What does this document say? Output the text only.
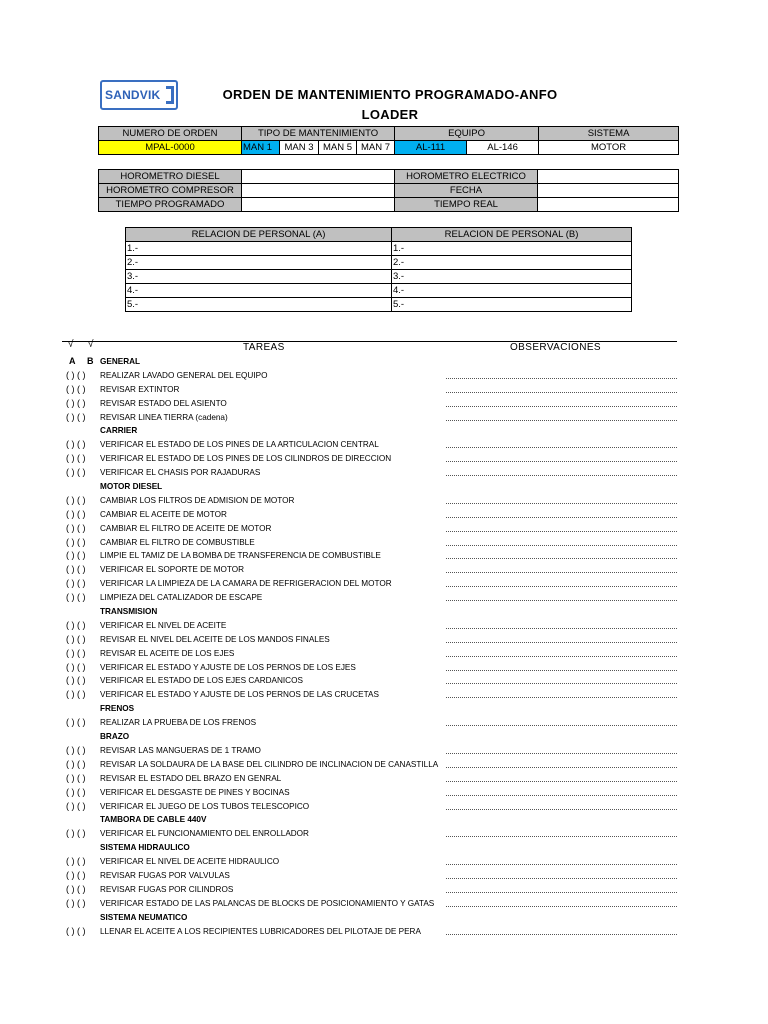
SANDVIK	ORDEN DE MANTENIMIENTO PROGRAMADO-ANFO
LOADER
NUMERO DE ORDEN	TIPO DE MANTENIMIENTO				EQUIPO		SISTEMA
MPAL-0000	MAN 1	MAN 3	MAN 5	MAN 7	AL-111	AL-146	MOTOR
HOROMETRO DIESEL		HOROMETRO ELECTRICO	
HOROMETRO COMPRESOR		FECHA	
TIEMPO PROGRAMADO		TIEMPO REAL	
RELACION DE PERSONAL (A)	RELACION DE PERSONAL (B)
1.-	1.-
2.-	2.-
3.-	3.-
4.-	4.-
5.-	5.-
√ √	TAREAS	OBSERVACIONES
A B GENERAL
( ) ( ) REALIZAR LAVADO GENERAL DEL EQUIPO
( ) ( ) REVISAR EXTINTOR
( ) ( ) REVISAR ESTADO DEL ASIENTO
( ) ( ) REVISAR LINEA TIERRA (cadena)
CARRIER
( ) ( ) VERIFICAR EL ESTADO DE LOS PINES DE LA ARTICULACION CENTRAL
( ) ( ) VERIFICAR EL ESTADO DE LOS PINES DE LOS CILINDROS DE DIRECCION
( ) ( ) VERIFICAR EL CHASIS POR RAJADURAS
MOTOR DIESEL
( ) ( ) CAMBIAR LOS FILTROS DE ADMISION DE MOTOR
( ) ( ) CAMBIAR EL ACEITE DE MOTOR
( ) ( ) CAMBIAR EL FILTRO DE ACEITE DE MOTOR
( ) ( ) CAMBIAR EL FILTRO DE COMBUSTIBLE
( ) ( ) LIMPIE EL TAMIZ DE LA BOMBA DE TRANSFERENCIA DE COMBUSTIBLE
( ) ( ) VERIFICAR EL SOPORTE DE MOTOR
( ) ( ) VERIFICAR LA LIMPIEZA DE LA CAMARA DE REFRIGERACION DEL MOTOR
( ) ( ) LIMPIEZA DEL CATALIZADOR DE ESCAPE
TRANSMISION
( ) ( ) VERIFICAR EL NIVEL DE ACEITE
( ) ( ) REVISAR EL NIVEL DEL ACEITE DE LOS MANDOS FINALES
( ) ( ) REVISAR EL ACEITE DE LOS EJES
( ) ( ) VERIFICAR EL ESTADO Y AJUSTE DE LOS PERNOS DE LOS EJES
( ) ( ) VERIFICAR EL ESTADO DE LOS EJES CARDANICOS
( ) ( ) VERIFICAR EL ESTADO Y AJUSTE DE LOS PERNOS DE LAS CRUCETAS
FRENOS
( ) ( ) REALIZAR LA PRUEBA DE LOS FRENOS
BRAZO
( ) ( ) REVISAR LAS MANGUERAS DE 1 TRAMO
( ) ( ) REVISAR LA SOLDAURA DE LA BASE DEL CILINDRO DE INCLINACION DE CANASTILLA
( ) ( ) REVISAR EL ESTADO DEL BRAZO EN GENRAL
( ) ( ) VERIFICAR EL DESGASTE DE PINES Y BOCINAS
( ) ( ) VERIFICAR EL JUEGO DE LOS TUBOS TELESCOPICO
TAMBORA DE CABLE 440V
( ) ( ) VERIFICAR EL FUNCIONAMIENTO DEL ENROLLADOR
SISTEMA HIDRAULICO
( ) ( ) VERIFICAR EL NIVEL DE ACEITE HIDRAULICO
( ) ( ) REVISAR FUGAS POR VALVULAS
( ) ( ) REVISAR FUGAS POR CILINDROS
( ) ( ) VERIFICAR ESTADO DE LAS PALANCAS DE BLOCKS DE POSICIONAMIENTO Y GATAS
SISTEMA NEUMATICO
( ) ( ) LLENAR EL ACEITE A LOS RECIPIENTES LUBRICADORES DEL PILOTAJE DE PERA
